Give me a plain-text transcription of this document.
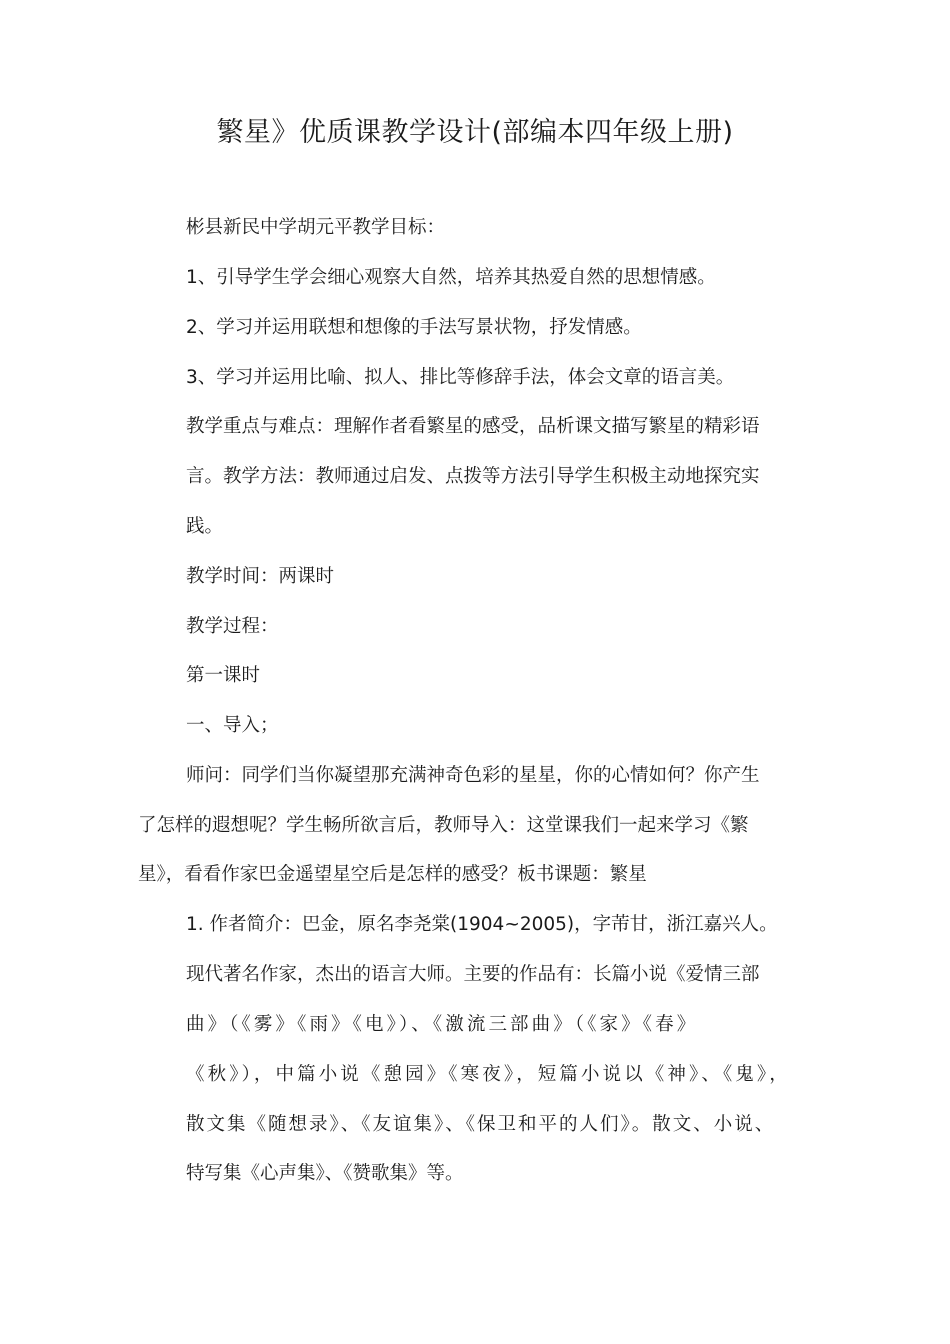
繁星》优质课教学设计(部编本四年级上册)
彬县新民中学胡元平教学目标：
1、引导学生学会细心观察大自然，培养其热爱自然的思想情感。
2、学习并运用联想和想像的手法写景状物，抒发情感。
3、学习并运用比喻、拟人、排比等修辞手法，体会文章的语言美。
教学重点与难点：理解作者看繁星的感受，品析课文描写繁星的精彩语
言。教学方法：教师通过启发、点拨等方法引导学生积极主动地探究实
践。
教学时间：两课时
教学过程：
第一课时
一、导入；
师问：同学们当你凝望那充满神奇色彩的星星，你的心情如何？你产生
了怎样的遐想呢？学生畅所欲言后，教师导入：这堂课我们一起来学习《繁
星》，看看作家巴金遥望星空后是怎样的感受？板书课题：繁星
1. 作者简介：巴金，原名李尧棠(1904~2005)，字芾甘，浙江嘉兴人。
现代著名作家，杰出的语言大师。主要的作品有：长篇小说《爱情三部
曲》（《雾》《雨》《电》）、《激流三部曲》（《家》《春》
《秋》），中篇小说《憩园》《寒夜》，短篇小说以《神》、《鬼》，
散文集《随想录》、《友谊集》、《保卫和平的人们》。散文、小说、
特写集《心声集》、《赞歌集》等。
